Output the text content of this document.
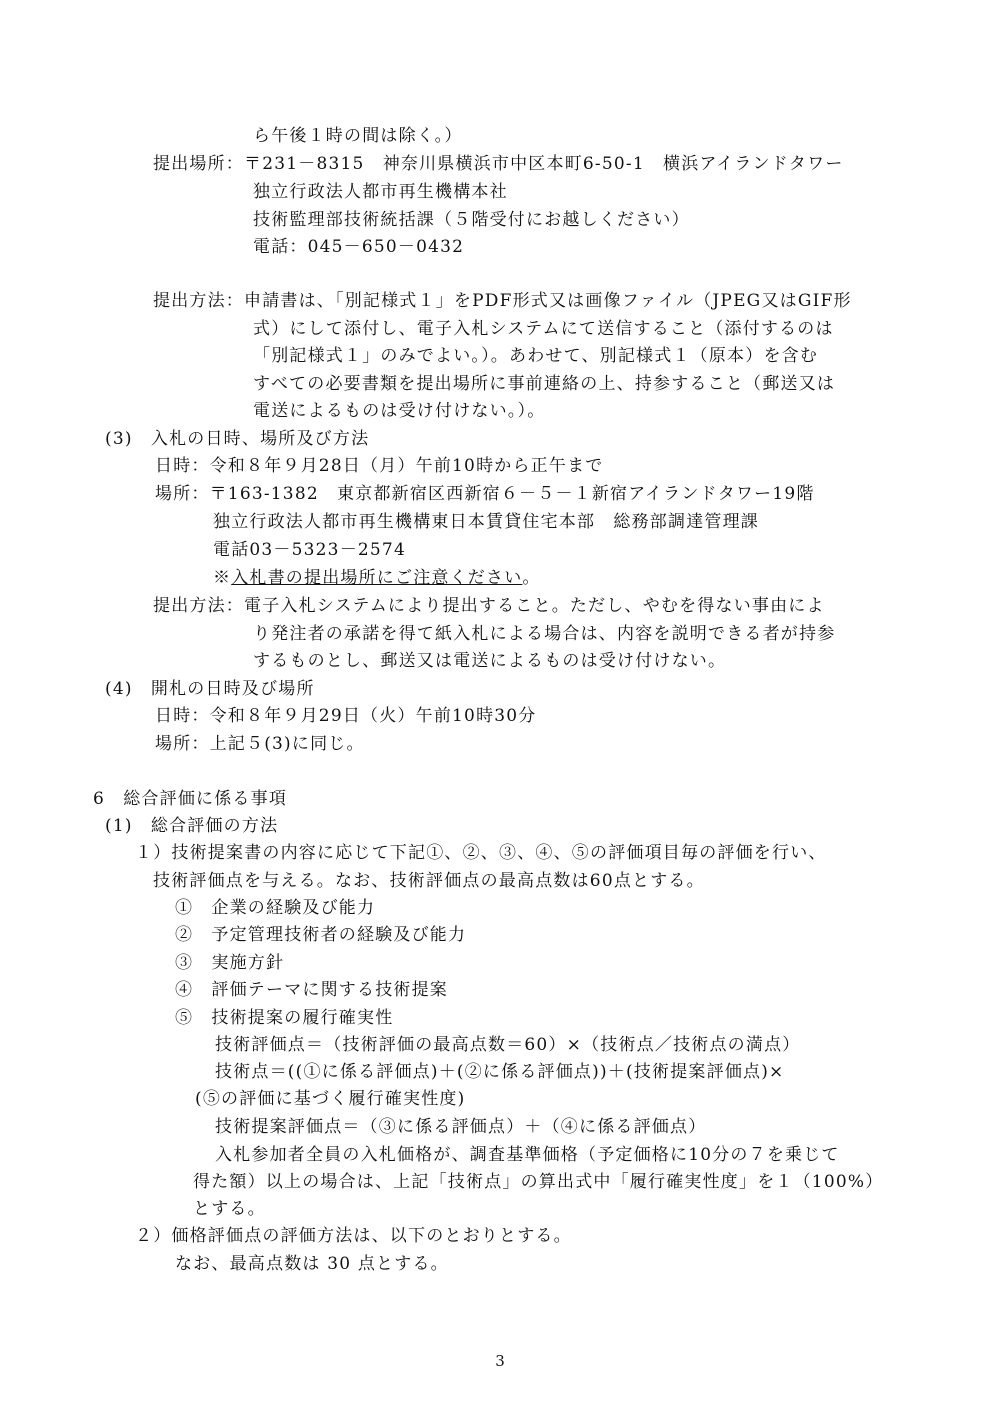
ら午後１時の間は除く。）
提出場所：〒231－8315　神奈川県横浜市中区本町6-50-1　横浜アイランドタワー
独立行政法人都市再生機構本社
技術監理部技術統括課（５階受付にお越しください）
電話：045－650－0432
提出方法：申請書は、「別記様式１」をPDF形式又は画像ファイル（JPEG又はGIF形
式）にして添付し、電子入札システムにて送信すること（添付するのは
「別記様式１」のみでよい。）。あわせて、別記様式１（原本）を含む
すべての必要書類を提出場所に事前連絡の上、持参すること（郵送又は
電送によるものは受け付けない。）。
(3)　入札の日時、場所及び方法
日時：令和８年９月28日（月）午前10時から正午まで
場所：〒163-1382　東京都新宿区西新宿６－５－１新宿アイランドタワー19階
独立行政法人都市再生機構東日本賃貸住宅本部　総務部調達管理課
電話03－5323－2574
※入札書の提出場所にご注意ください。
提出方法：電子入札システムにより提出すること。ただし、やむを得ない事由によ
り発注者の承諾を得て紙入札による場合は、内容を説明できる者が持参
するものとし、郵送又は電送によるものは受け付けない。
(4)　開札の日時及び場所
日時：令和８年９月29日（火）午前10時30分
場所：上記５(3)に同じ。
6　総合評価に係る事項
(1)　総合評価の方法
１）技術提案書の内容に応じて下記①、②、③、④、⑤の評価項目毎の評価を行い、
技術評価点を与える。なお、技術評価点の最高点数は60点とする。
①　企業の経験及び能力
②　予定管理技術者の経験及び能力
③　実施方針
④　評価テーマに関する技術提案
⑤　技術提案の履行確実性
技術評価点＝（技術評価の最高点数＝60）×（技術点／技術点の満点）
技術点＝((①に係る評価点)＋(②に係る評価点))＋(技術提案評価点)×
(⑤の評価に基づく履行確実性度)
技術提案評価点＝（③に係る評価点）＋（④に係る評価点）
入札参加者全員の入札価格が、調査基準価格（予定価格に10分の７を乗じて
得た額）以上の場合は、上記「技術点」の算出式中「履行確実性度」を１（100%）
とする。
２）価格評価点の評価方法は、以下のとおりとする。
なお、最高点数は 30 点とする。
3
